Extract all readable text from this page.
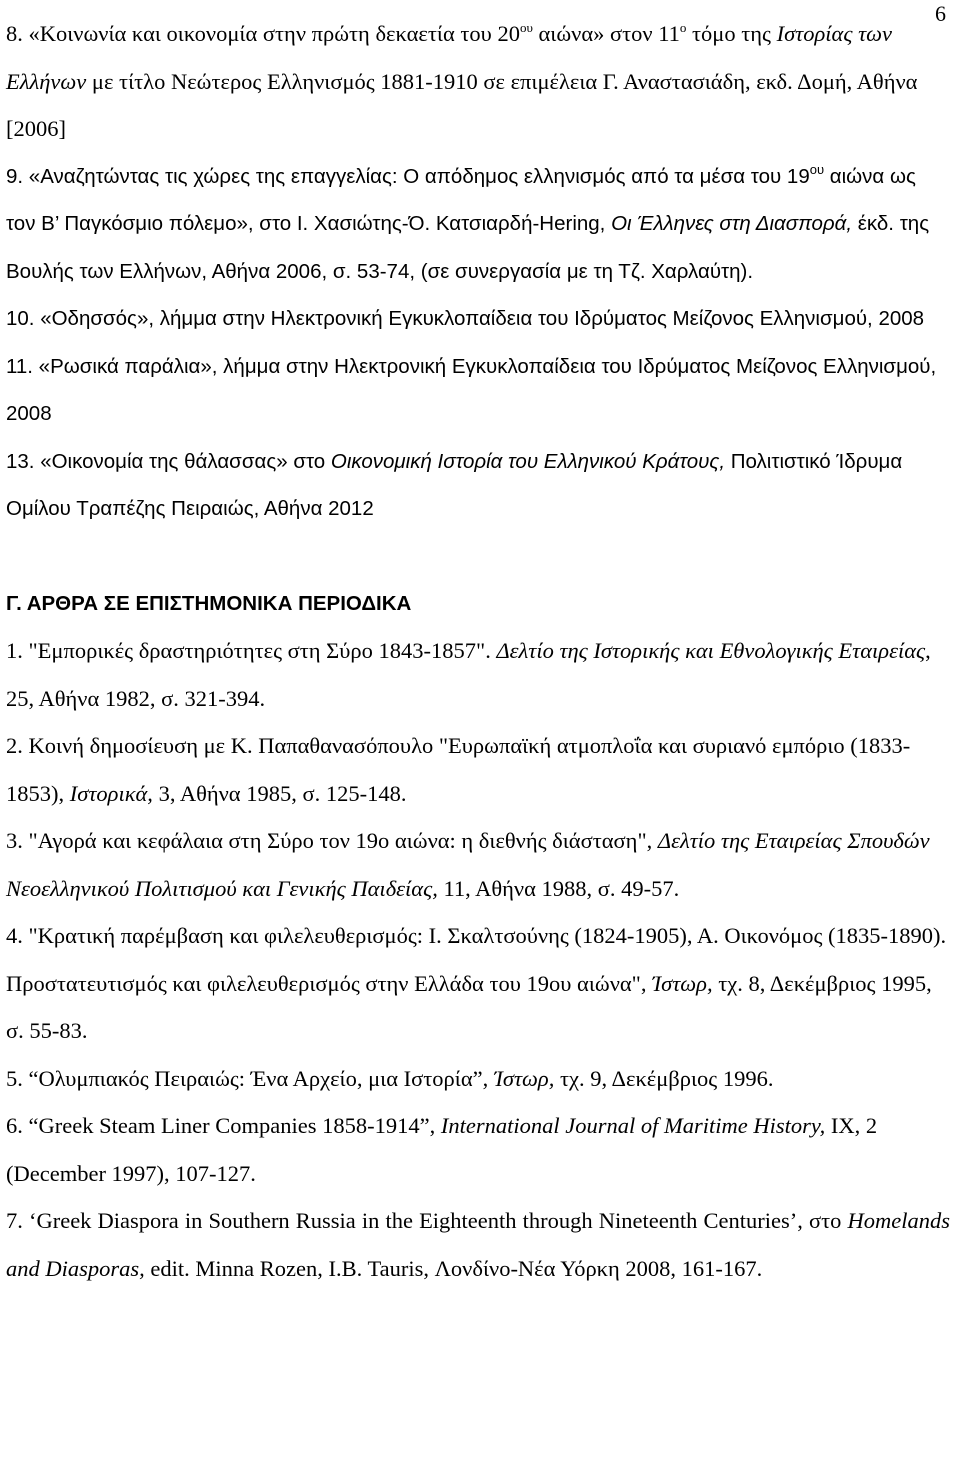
6

8. «Κοινωνία και οικονομία στην πρώτη δεκαετία του $20^{o\upsilon}$ αιώνα» στον $11^o$ τόμο της Ιστορίας των Ελλήνων με τίτλο Νεώτερος Ελληνισμός 1881-1910 σε επιμέλεια Γ. Αναστασιάδη, εκδ. Δομή, Αθήνα [2006]

9. «Αναζητώντας τις χώρες της επαγγελίας: Ο απόδημος ελληνισμός από τα μέσα του $19^{o\upsilon}$ αιώνα ως τον Β’ Παγκόσμιο πόλεμο», στο Ι. Χασιώτης-Ό. Κατσιαρδή-Hering, Οι Έλληνες στη Διασπορά, έκδ. της Βουλής των Ελλήνων, Αθήνα 2006, σ. 53-74, (σε συνεργασία με τη Τζ. Χαρλαύτη).

10. «Οδησσός», λήμμα στην Ηλεκτρονική Εγκυκλοπαίδεια του Ιδρύματος Μείζονος Ελληνισμού, 2008

11. «Ρωσικά παράλια», λήμμα στην Ηλεκτρονική Εγκυκλοπαίδεια του Ιδρύματος Μείζονος Ελληνισμού, 2008

13. «Οικονομία της θάλασσας» στο Οικονομική Ιστορία του Ελληνικού Κράτους, Πολιτιστικό Ίδρυμα Ομίλου Τραπέζης Πειραιώς, Αθήνα 2012

Γ. ΑΡΘΡΑ ΣΕ ΕΠΙΣΤΗΜΟΝΙΚΑ ΠΕΡΙΟΔΙΚΑ

1. "Εμπορικές δραστηριότητες στη Σύρο 1843-1857". Δελτίο της Ιστορικής και Εθνολογικής Εταιρείας, 25, Αθήνα 1982, σ. 321-394.

2. Κοινή δημοσίευση με Κ. Παπαθανασόπουλο "Ευρωπαϊκή ατμοπλοΐα και συριανό εμπόριο (1833-1853), Ιστορικά, 3, Αθήνα 1985, σ. 125-148.

3. "Αγορά και κεφάλαια στη Σύρο τον 19ο αιώνα: η διεθνής διάσταση", Δελτίο της Εταιρείας Σπουδών Νεοελληνικού Πολιτισμού και Γενικής Παιδείας, 11, Αθήνα 1988, σ. 49-57.

4. "Κρατική παρέμβαση και φιλελευθερισμός: Ι. Σκαλτσούνης (1824-1905), Α. Οικονόμος (1835-1890). Προστατευτισμός και φιλελευθερισμός στην Ελλάδα του 19ου αιώνα", Ίστωρ, τχ. 8, Δεκέμβριος 1995, σ. 55-83.

5. “Ολυμπιακός Πειραιώς: Ένα Αρχείο, μια Ιστορία”, Ίστωρ, τχ. 9, Δεκέμβριος 1996.

6. “Greek Steam Liner Companies 1858-1914”, International Journal of Maritime History, IX, 2 (December 1997), 107-127.

7. ‘Greek Diaspora in Southern Russia in the Eighteenth through Nineteenth Centuries’, στο Homelands and Diasporas, edit. Minna Rozen, I.B. Tauris, Λονδίνο-Νέα Υόρκη 2008, 161-167.
